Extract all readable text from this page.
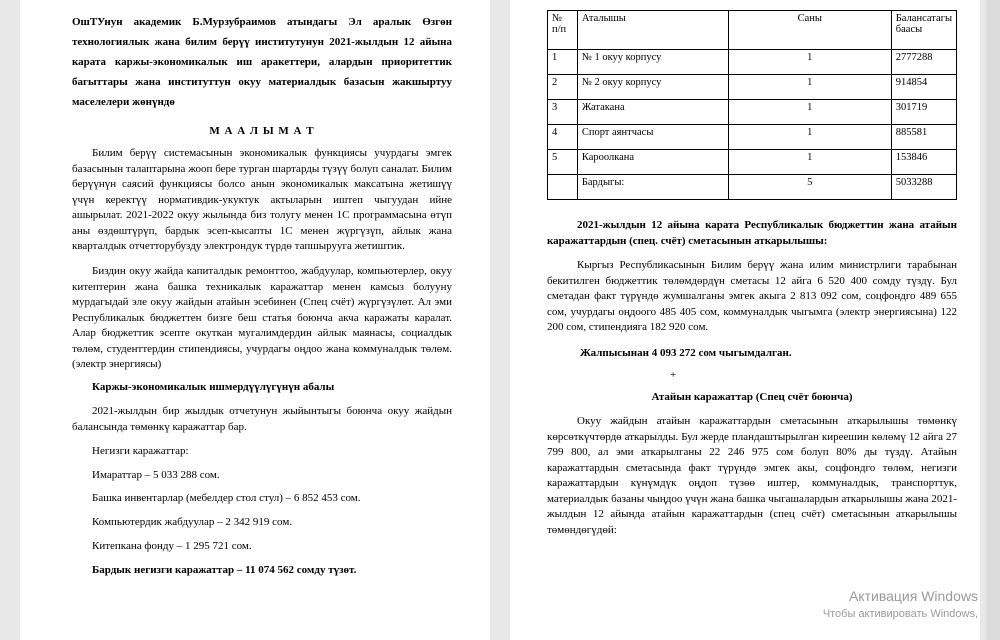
ОшТУнун академик Б.Мурзубраимов атындагы Эл аралык Өзгөн технологиялык жана билим берүү институтунун 2021-жылдын 12 айына карата каржы-экономикалык иш аракеттери, алардын приоритеттик багыттары жана институттун окуу материалдык базасын жакшыртуу маселелери жөнүндө

М А А Л Ы М А Т

Билим берүү системасынын экономикалык функциясы учурдагы эмгек базасынын талаптарына жооп бере турган шартарды түзүү болуп саналат. Билим берүүнүн саясий функциясы болсо анын экономикалык максатына жетишүү үчүн керектүү нормативдик-укуктук актыларын иштеп чыгуудан ийне ашырылат. 2021-2022 окуу жылында биз толугу менен 1С программасына өтүп аны өздөштүрүп, бардык эсеп-кысапты 1С менен жүргүзүп, айлык жана кварталдык отчетторубузду электрондук түрдө тапшырууга жетиштик.

Биздин окуу жайда капиталдык ремонттоо, жабдуулар, компьютерлер, окуу китептерин жана башка техникалык каражаттар менен камсыз болууну мурдагыдай эле окуу жайдын атайын эсебинен (Спец счёт) жүргүзүлөт. Ал эми Республикалык бюджеттен бизге беш статья боюнча акча каражаты каралат. Алар бюджеттик эсепте окуткан мугалимдердин айлык маянасы, социалдык төлөм, студенттердин стипендиясы, учурдагы оңдоо жана коммуналдык төлөм. (электр энергиясы)

Каржы-экономикалык ишмердүүлүгүнүн абалы

2021-жылдын бир жылдык отчетунун жыйынтыгы боюнча окуу жайдын балансында төмөнкү каражаттар бар.

Негизги каражаттар:

Имараттар – 5 033 288 сом.

Башка инвентарлар (мебелдер стол стул) – 6 852 453 сом.

Компьютердик жабдуулар – 2 342 919 сом.

Китепкана фонду – 1 295 721 сом.

Бардык негизги каражаттар – 11 074 562 сомду түзөт.

№ п/п	Аталышы	Саны	Балансатагы баасы
1	№ 1 окуу корпусу	1	2777288
2	№ 2 окуу корпусу	1	914854
3	Жатакана	1	301719
4	Спорт аянтчасы	1	885581
5	Кароолкана	1	153846
	Бардыгы:	5	5033288

2021-жылдын 12 айына карата Республикалык бюджеттин жана атайын каражаттардын (спец. счёт) сметасынын аткарылышы:

Кыргыз Республикасынын Билим берүү жана илим министрлиги тарабынан бекитилген бюджеттик төлөмдөрдүн сметасы 12 айга 6 520 400 сомду түздү. Бул сметадан факт түрүндө жумшалганы эмгек акыга 2 813 092 сом, соцфондго 489 655 сом, учурдагы оңдоого 485 405 сом, коммуналдык чыгымга (электр энергиясына) 122 200 сом, стипендияга 182 920 сом.

Жалпысынан 4 093 272 сом чыгымдалган.

+

Атайын каражаттар (Спец счёт боюнча)

Окуу жайдын атайын каражаттардын сметасынын аткарылышы төмөнкү көрсөткүчтөрдө аткарылды. Бул жерде пландаштырылган киреешин көлөмү 12 айга 27 799 800, ал эми аткарылганы 22 246 975 сом болуп 80% ды түздү. Атайын каражаттардын сметасында факт түрүндө эмгек акы, соцфондго төлөм, негизги каражаттардын күнүмдүк оңдоп түзөө иштер, коммуналдык, транспорттук, материалдык базаны чыңдоо үчүн жана башка чыгашалардын аткарылышы жана 2021-жылдын 12 айында атайын каражаттардын (спец счёт) сметасынын аткарылышы төмөндөгүдөй:

Активация Windows
Чтобы активировать Windows,
